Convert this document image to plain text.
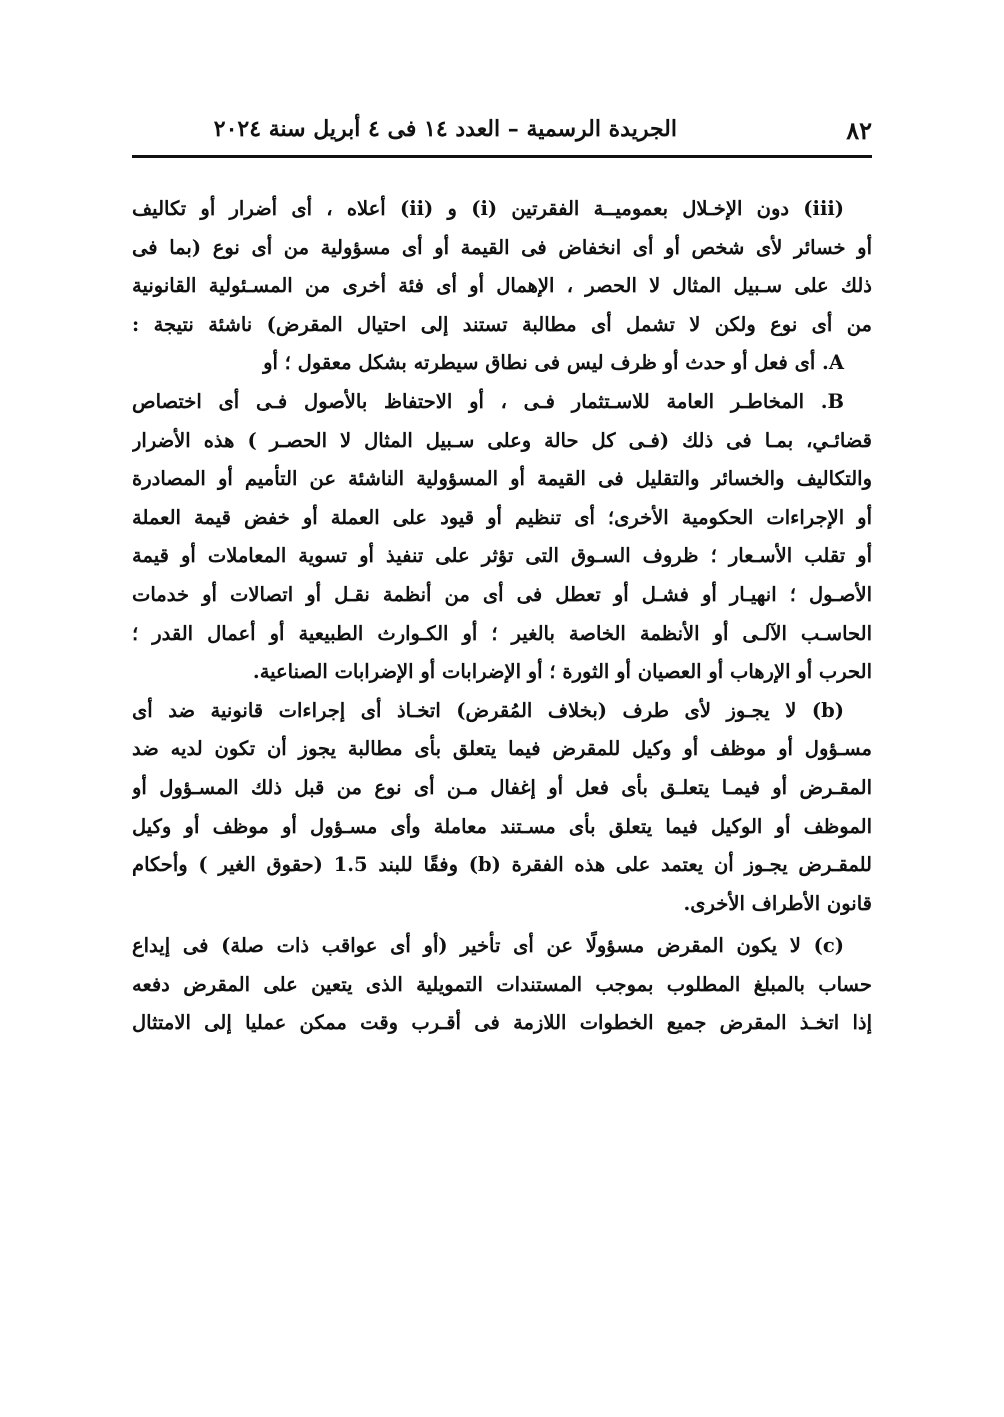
٨٢
الجريدة الرسمية – العدد ١٤ فى ٤ أبريل سنة ٢٠٢٤
(iii) دون الإخـلال بعموميــة الفقرتين (i) و (ii) أعلاه ، أى أضرار أو تكاليف
أو خسائر لأى شخص أو أى انخفاض فى القيمة أو أى مسؤولية من أى نوع (بما فى
ذلك على سـبيل المثال لا الحصر ، الإهمال أو أى فئة أخرى من المسـئولية القانونية
من أى نوع ولكن لا تشمل أى مطالبة تستند إلى احتيال المقرض) ناشئة نتيجة :
A. أى فعل أو حدث أو ظرف ليس فى نطاق سيطرته بشكل معقول ؛ أو
B. المخاطـر العامة للاسـتثمار فـى ، أو الاحتفاظ بالأصول فـى أى اختصاص
قضائـي، بمـا فى ذلك (فـى كل حالة وعلى سـبيل المثال لا الحصـر ) هذه الأضرار
والتكاليف والخسائر والتقليل فى القيمة أو المسؤولية الناشئة عن التأميم أو المصادرة
أو الإجراءات الحكومية الأخرى؛ أى تنظيم أو قيود على العملة أو خفض قيمة العملة
أو تقلب الأسـعار ؛ ظروف السـوق التى تؤثر على تنفيذ أو تسوية المعاملات أو قيمة
الأصـول ؛ انهيـار أو فشـل أو تعطل فى أى من أنظمة نقـل أو اتصالات أو خدمات
الحاسـب الآلـى أو الأنظمة الخاصة بالغير ؛ أو الكـوارث الطبيعية أو أعمال القدر ؛
الحرب أو الإرهاب أو العصيان أو الثورة ؛ أو الإضرابات أو الإضرابات الصناعية.
(b) لا يجـوز لأى طرف (بخلاف المُقرض) اتخـاذ أى إجراءات قانونية ضد أى
مسـؤول أو موظف أو وكيل للمقرض فيما يتعلق بأى مطالبة يجوز أن تكون لديه ضد
المقـرض أو فيمـا يتعلـق بأى فعل أو إغفال مـن أى نوع من قبل ذلك المسـؤول أو
الموظف أو الوكيل فيما يتعلق بأى مسـتند معاملة وأى مسـؤول أو موظف أو وكيل
للمقـرض يجـوز أن يعتمد على هذه الفقرة (b) وفقًا للبند 1.5 (حقوق الغير ) وأحكام
قانون الأطراف الأخرى.
(c) لا يكون المقرض مسؤولًا عن أى تأخير (أو أى عواقب ذات صلة) فى إيداع
حساب بالمبلغ المطلوب بموجب المستندات التمويلية الذى يتعين على المقرض دفعه
إذا اتخـذ المقرض جميع الخطوات اللازمة فى أقـرب وقت ممكن عمليا إلى الامتثال
